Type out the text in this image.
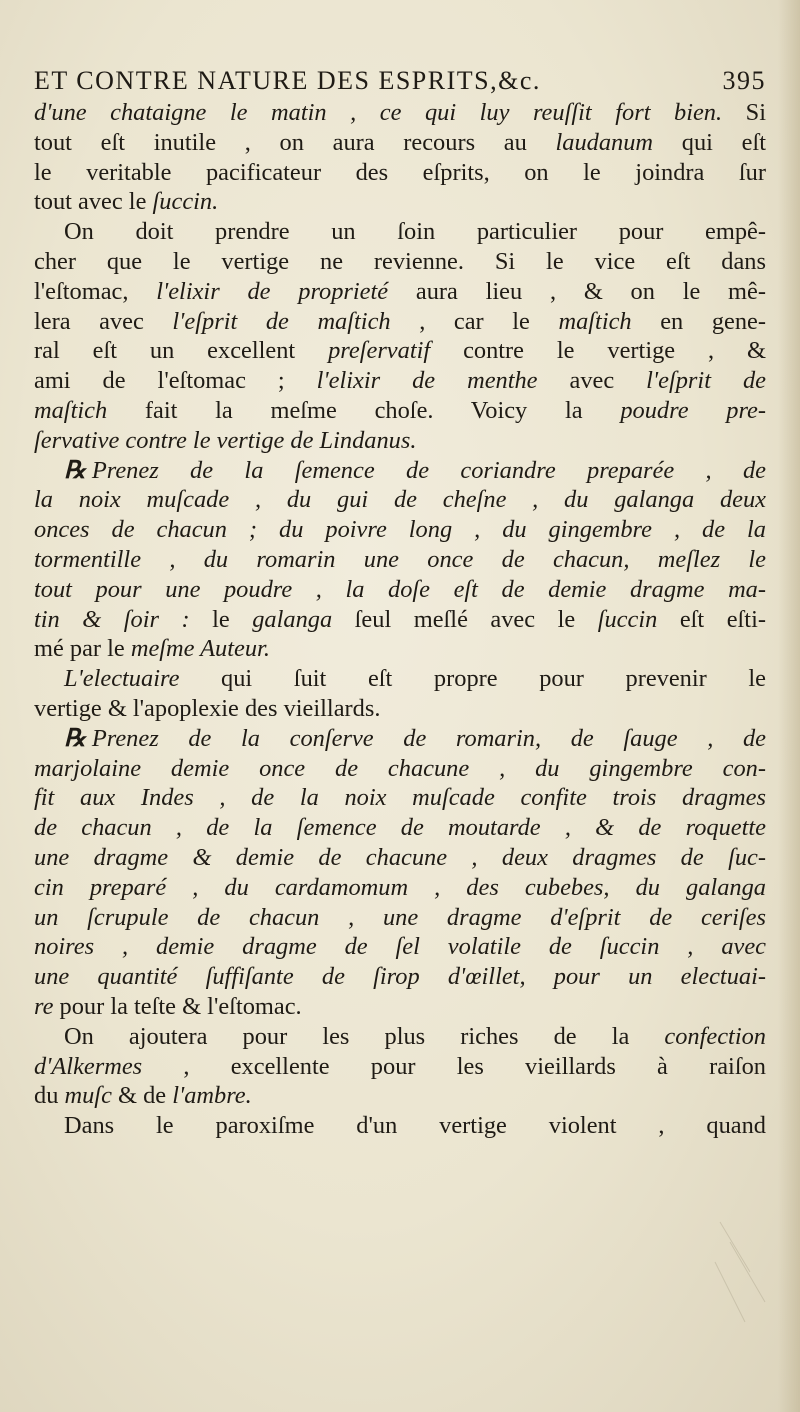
ET CONTRE NATURE DES ESPRITS,&c.	395
d'une chataigne le matin , ce qui luy reuſſit fort bien. Si
tout eſt inutile , on aura recours au laudanum qui eſt
le veritable pacificateur des eſprits, on le joindra ſur
tout avec le ſuccin.
On doit prendre un ſoin particulier pour empê-
cher que le vertige ne revienne. Si le vice eſt dans
l'eſtomac, l'elixir de proprieté aura lieu , & on le mê-
lera avec l'eſprit de maſtich , car le maſtich en gene-
ral eſt un excellent preſervatif contre le vertige , &
ami de l'eſtomac ; l'elixir de menthe avec l'eſprit de
maſtich fait la meſme choſe. Voicy la poudre pre-
ſervative contre le vertige de Lindanus.
℞ Prenez de la ſemence de coriandre preparée , de
la noix muſcade , du gui de cheſne , du galanga deux
onces de chacun ; du poivre long , du gingembre , de la
tormentille , du romarin une once de chacun, meſlez le
tout pour une poudre , la doſe eſt de demie dragme ma-
tin & ſoir : le galanga ſeul meſlé avec le ſuccin eſt eſti-
mé par le meſme Auteur.
L'electuaire qui ſuit eſt propre pour prevenir le
vertige & l'apoplexie des vieillards.
℞ Prenez de la conſerve de romarin, de ſauge , de
marjolaine demie once de chacune , du gingembre con-
fit aux Indes , de la noix muſcade confite trois dragmes
de chacun , de la ſemence de moutarde , & de roquette
une dragme & demie de chacune , deux dragmes de ſuc-
cin preparé , du cardamomum , des cubebes, du galanga
un ſcrupule de chacun , une dragme d'eſprit de ceriſes
noires , demie dragme de ſel volatile de ſuccin , avec
une quantité ſuffiſante de ſirop d'œillet, pour un electuai-
re pour la teſte & l'eſtomac.
On ajoutera pour les plus riches de la confection
d'Alkermes , excellente pour les vieillards à raiſon
du muſc & de l'ambre.
Dans le paroxiſme d'un vertige violent , quand
